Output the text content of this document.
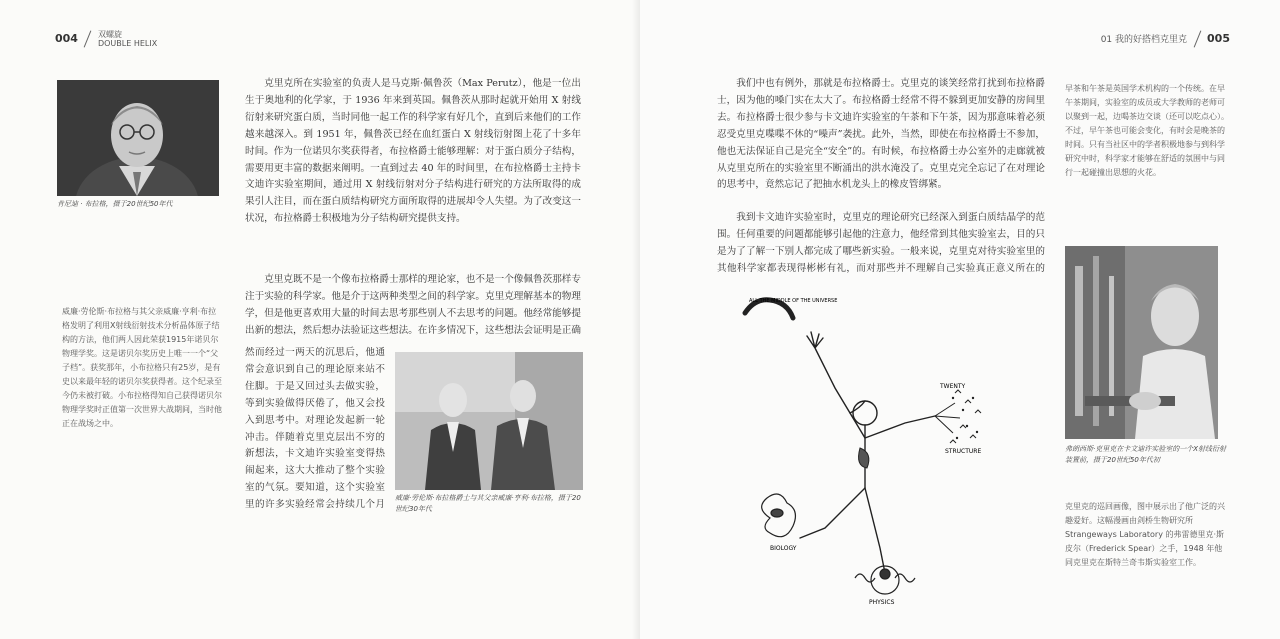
004	双螺旋
DOUBLE HELIX
肯尼迪 · 布拉格，摄于20世纪50年代
威廉·劳伦斯·布拉格与其父亲威廉·亨利·布拉格发明了利用X射线衍射技术分析晶体原子结构的方法，他们两人因此荣获1915年诺贝尔物理学奖。这是诺贝尔奖历史上唯一一个“父子档”。获奖那年，小布拉格只有25岁，是有史以来最年轻的诺贝尔奖获得者。这个纪录至今仍未被打破。小布拉格得知自己获得诺贝尔物理学奖时正值第一次世界大战期间，当时他正在战场之中。
克里克所在实验室的负责人是马克斯·佩鲁茨（Max Perutz），他是一位出生于奥地利的化学家，于 1936 年来到英国。佩鲁茨从那时起就开始用 X 射线衍射来研究蛋白质，当时同他一起工作的科学家有好几个，直到后来他们的工作越来越深入。到 1951 年，佩鲁茨已经在血红蛋白 X 射线衍射图上花了十多年时间。作为一位诺贝尔奖获得者，布拉格爵士能够理解：对于蛋白质分子结构，需要用更丰富的数据来阐明。一直到过去 40 年的时间里，在布拉格爵士主持卡文迪许实验室期间，通过用 X 射线衍射对分子结构进行研究的方法所取得的成果引人注目，而在蛋白质结构研究方面所取得的进展却令人失望。为了改变这一状况，布拉格爵士积极地为分子结构研究提供支持。
克里克既不是一个像布拉格爵士那样的理论家，也不是一个像佩鲁茨那样专注于实验的科学家。他是介于这两种类型之间的科学家。克里克理解基本的物理学，但是他更喜欢用大量的时间去思考那些别人不去思考的问题。他经常能够提出新的想法，然后想办法验证这些想法。在许多情况下，这些想法会证明是正确
然而经过一两天的沉思后，他通常会意识到自己的理论原来站不住脚。于是又回过头去做实验，等到实验做得厌倦了，他又会投入到思考中。对理论发起新一轮冲击。伴随着克里克层出不穷的新想法，卡文迪许实验室变得热闹起来，这大大推动了整个实验室的气氛。要知道，这个实验室里的许多实验经常会持续几个月
威廉·劳伦斯·布拉格爵士与其父亲威廉·亨利·布拉格，摄于20世纪30年代
01 我的好搭档克里克 005
我们中也有例外，那就是布拉格爵士。克里克的谈笑经常打扰到布拉格爵士，因为他的嗓门实在太大了。布拉格爵士经常不得不躲到更加安静的房间里去。布拉格爵士很少参与卡文迪许实验室的午茶和下午茶，因为那意味着必须忍受克里克喋喋不休的“噪声”袭扰。此外，当然，即使在布拉格爵士不参加，他也无法保证自己是完全“安全”的。有时候，布拉格爵士办公室外的走廊就被从克里克所在的实验室里不断涌出的洪水淹没了。克里克完全忘记了在对理论的思考中，竟然忘记了把抽水机龙头上的橡皮管绑紧。
我到卡文迪许实验室时，克里克的理论研究已经深入到蛋白质结晶学的范围。任何重要的问题都能够引起他的注意力，他经常到其他实验室去，目的只是为了了解一下别人都完成了哪些新实验。一般来说，克里克对待实验室里的其他科学家都表现得彬彬有礼，而对那些并不理解自己实验真正意义所在的
ALL THE MIDDLE OF THE UNIVERSE
TWENTY
STRUCTURE
BIOLOGY
PHYSICS
早茶和午茶是英国学术机构的一个传统。在早午茶期间，实验室的成员或大学教师的老师可以聚到一起，边喝茶边交谈（还可以吃点心）。不过，早午茶也可能会变化，有时会是晚茶的时间。只有当社区中的学者积极地参与到科学研究中时，科学家才能够在舒适的氛围中与同行一起碰撞出思想的火花。
弗朗西斯·克里克在卡文迪许实验室的一个X射线衍射装置前，摄于20世纪50年代初
克里克的巡回画像，图中展示出了他广泛的兴趣爱好。这幅漫画由剑桥生物研究所 Strangeways Laboratory 的弗雷德里克·斯皮尔（Frederick Spear）之手，1948 年他同克里克在斯特兰奇韦斯实验室工作。
